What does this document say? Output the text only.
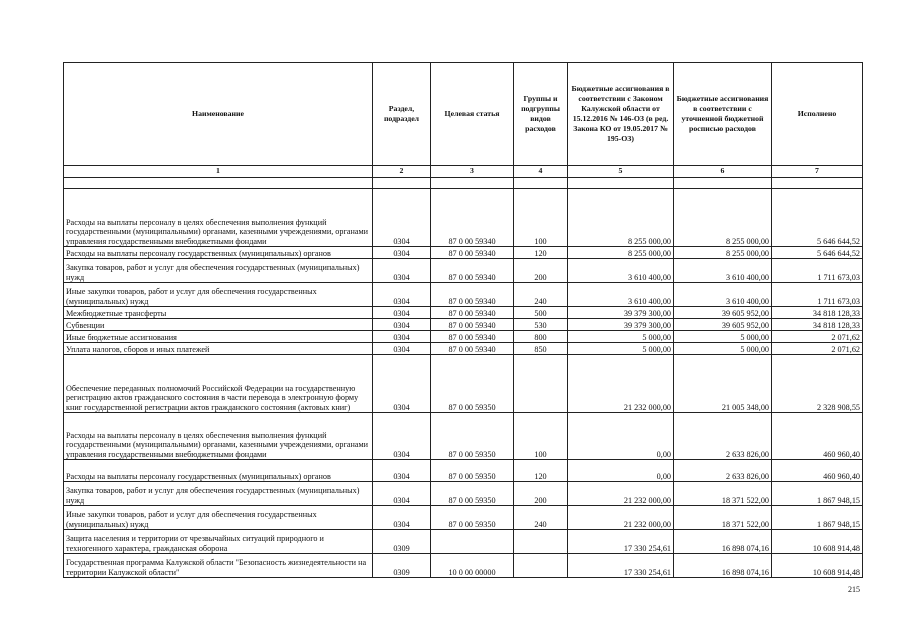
Наименование	Раздел, подраздел	Целевая статья	Группы и подгруппы видов расходов	Бюджетные ассигнования в соответствии с Законом Калужской области от 15.12.2016 № 146-ОЗ (в ред. Закона КО от 19.05.2017 № 195-ОЗ)	Бюджетные ассигнования в соответствии с уточненной бюджетной росписью расходов	Исполнено
1	2	3	4	5	6	7

Расходы на выплаты персоналу в целях обеспечения выполнения функций государственными (муниципальными) органами, казенными учреждениями, органами управления государственными внебюджетными фондами	0304	87 0 00 59340	100	8 255 000,00	8 255 000,00	5 646 644,52
Расходы на выплаты персоналу государственных (муниципальных) органов	0304	87 0 00 59340	120	8 255 000,00	8 255 000,00	5 646 644,52
Закупка товаров, работ и услуг для обеспечения государственных (муниципальных) нужд	0304	87 0 00 59340	200	3 610 400,00	3 610 400,00	1 711 673,03
Иные закупки товаров, работ и услуг для обеспечения государственных (муниципальных) нужд	0304	87 0 00 59340	240	3 610 400,00	3 610 400,00	1 711 673,03
Межбюджетные трансферты	0304	87 0 00 59340	500	39 379 300,00	39 605 952,00	34 818 128,33
Субвенции	0304	87 0 00 59340	530	39 379 300,00	39 605 952,00	34 818 128,33
Иные бюджетные ассигнования	0304	87 0 00 59340	800	5 000,00	5 000,00	2 071,62
Уплата налогов, сборов и иных платежей	0304	87 0 00 59340	850	5 000,00	5 000,00	2 071,62
Обеспечение переданных полномочий Российской Федерации на государственную регистрацию актов гражданского состояния в части перевода в электронную форму книг государственной регистрации актов гражданского состояния (актовых книг)	0304	87 0 00 59350		21 232 000,00	21 005 348,00	2 328 908,55
Расходы на выплаты персоналу в целях обеспечения выполнения функций государственными (муниципальными) органами, казенными учреждениями, органами управления государственными внебюджетными фондами	0304	87 0 00 59350	100	0,00	2 633 826,00	460 960,40
Расходы на выплаты персоналу государственных (муниципальных) органов	0304	87 0 00 59350	120	0,00	2 633 826,00	460 960,40
Закупка товаров, работ и услуг для обеспечения государственных (муниципальных) нужд	0304	87 0 00 59350	200	21 232 000,00	18 371 522,00	1 867 948,15
Иные закупки товаров, работ и услуг для обеспечения государственных (муниципальных) нужд	0304	87 0 00 59350	240	21 232 000,00	18 371 522,00	1 867 948,15
Защита населения и территории от чрезвычайных ситуаций природного и техногенного характера, гражданская оборона	0309			17 330 254,61	16 898 074,16	10 608 914,48
Государственная программа Калужской области "Безопасность жизнедеятельности на территории Калужской области"	0309	10 0 00 00000		17 330 254,61	16 898 074,16	10 608 914,48
215
